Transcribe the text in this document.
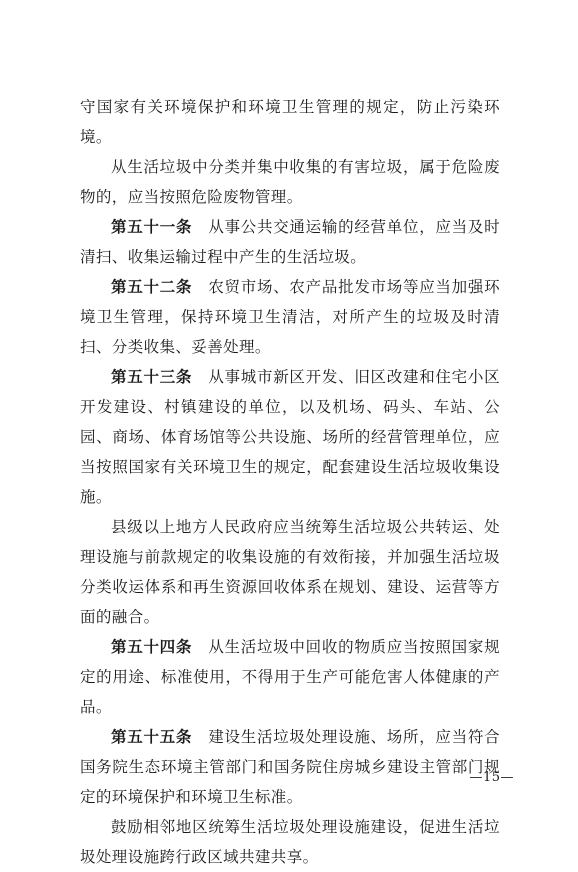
守国家有关环境保护和环境卫生管理的规定，防止污染环境。

从生活垃圾中分类并集中收集的有害垃圾，属于危险废物的，应当按照危险废物管理。

第五十一条　从事公共交通运输的经营单位，应当及时清扫、收集运输过程中产生的生活垃圾。

第五十二条　农贸市场、农产品批发市场等应当加强环境卫生管理，保持环境卫生清洁，对所产生的垃圾及时清扫、分类收集、妥善处理。

第五十三条　从事城市新区开发、旧区改建和住宅小区开发建设、村镇建设的单位，以及机场、码头、车站、公园、商场、体育场馆等公共设施、场所的经营管理单位，应当按照国家有关环境卫生的规定，配套建设生活垃圾收集设施。

县级以上地方人民政府应当统筹生活垃圾公共转运、处理设施与前款规定的收集设施的有效衔接，并加强生活垃圾分类收运体系和再生资源回收体系在规划、建设、运营等方面的融合。

第五十四条　从生活垃圾中回收的物质应当按照国家规定的用途、标准使用，不得用于生产可能危害人体健康的产品。

第五十五条　建设生活垃圾处理设施、场所，应当符合国务院生态环境主管部门和国务院住房城乡建设主管部门规定的环境保护和环境卫生标准。

鼓励相邻地区统筹生活垃圾处理设施建设，促进生活垃圾处理设施跨行政区域共建共享。

—15—
